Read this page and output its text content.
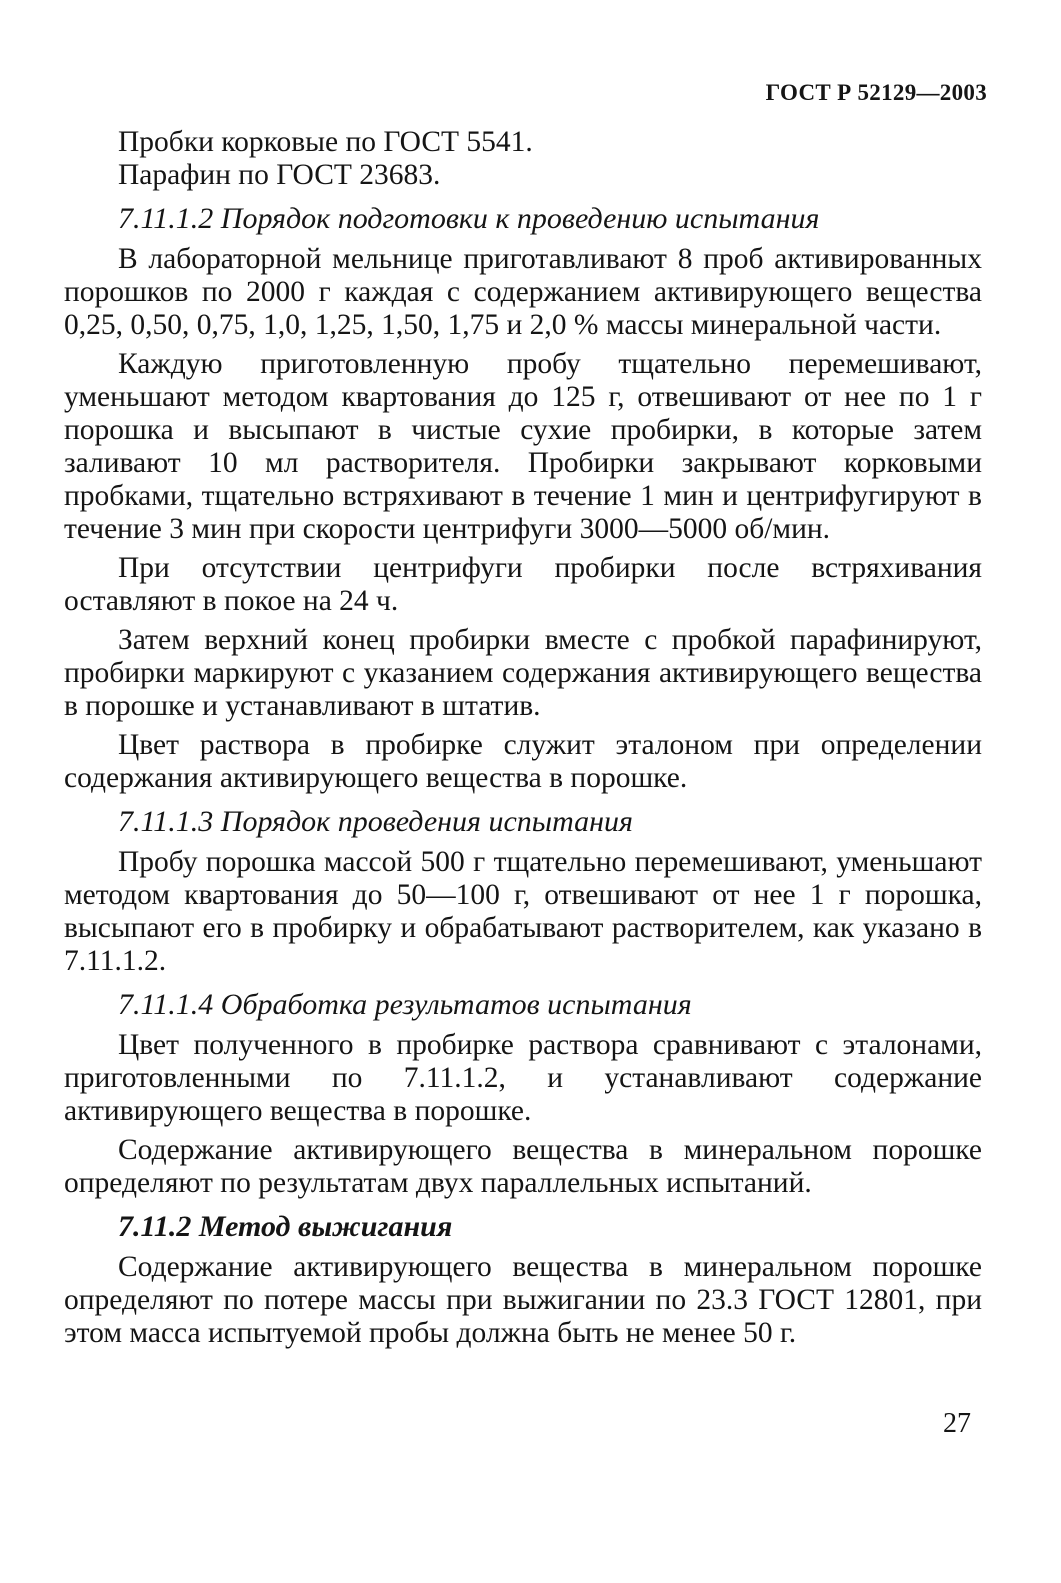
ГОСТ Р 52129—2003
Пробки корковые по ГОСТ 5541.
Парафин по ГОСТ 23683.
7.11.1.2 Порядок подготовки к проведению испытания

В лабораторной мельнице приготавливают 8 проб активированных порошков по 2000 г каждая с содержанием активирующего вещества 0,25, 0,50, 0,75, 1,0, 1,25, 1,50, 1,75 и 2,0 % массы минеральной части.

Каждую приготовленную пробу тщательно перемешивают, уменьшают методом квартования до 125 г, отвешивают от нее по 1 г порошка и высыпают в чистые сухие пробирки, в которые затем заливают 10 мл растворителя. Пробирки закрывают корковыми пробками, тщательно встряхивают в течение 1 мин и центрифугируют в течение 3 мин при скорости центрифуги 3000—5000 об/мин.

При отсутствии центрифуги пробирки после встряхивания оставляют в покое на 24 ч.

Затем верхний конец пробирки вместе с пробкой парафинируют, пробирки маркируют с указанием содержания активирующего вещества в порошке и устанавливают в штатив.

Цвет раствора в пробирке служит эталоном при определении содержания активирующего вещества в порошке.

7.11.1.3 Порядок проведения испытания

Пробу порошка массой 500 г тщательно перемешивают, уменьшают методом квартования до 50—100 г, отвешивают от нее 1 г порошка, высыпают его в пробирку и обрабатывают растворителем, как указано в 7.11.1.2.

7.11.1.4 Обработка результатов испытания

Цвет полученного в пробирке раствора сравнивают с эталонами, приготовленными по 7.11.1.2, и устанавливают содержание активирующего вещества в порошке.

Содержание активирующего вещества в минеральном порошке определяют по результатам двух параллельных испытаний.

7.11.2 Метод выжигания

Содержание активирующего вещества в минеральном порошке определяют по потере массы при выжигании по 23.3 ГОСТ 12801, при этом масса испытуемой пробы должна быть не менее 50 г.

27
